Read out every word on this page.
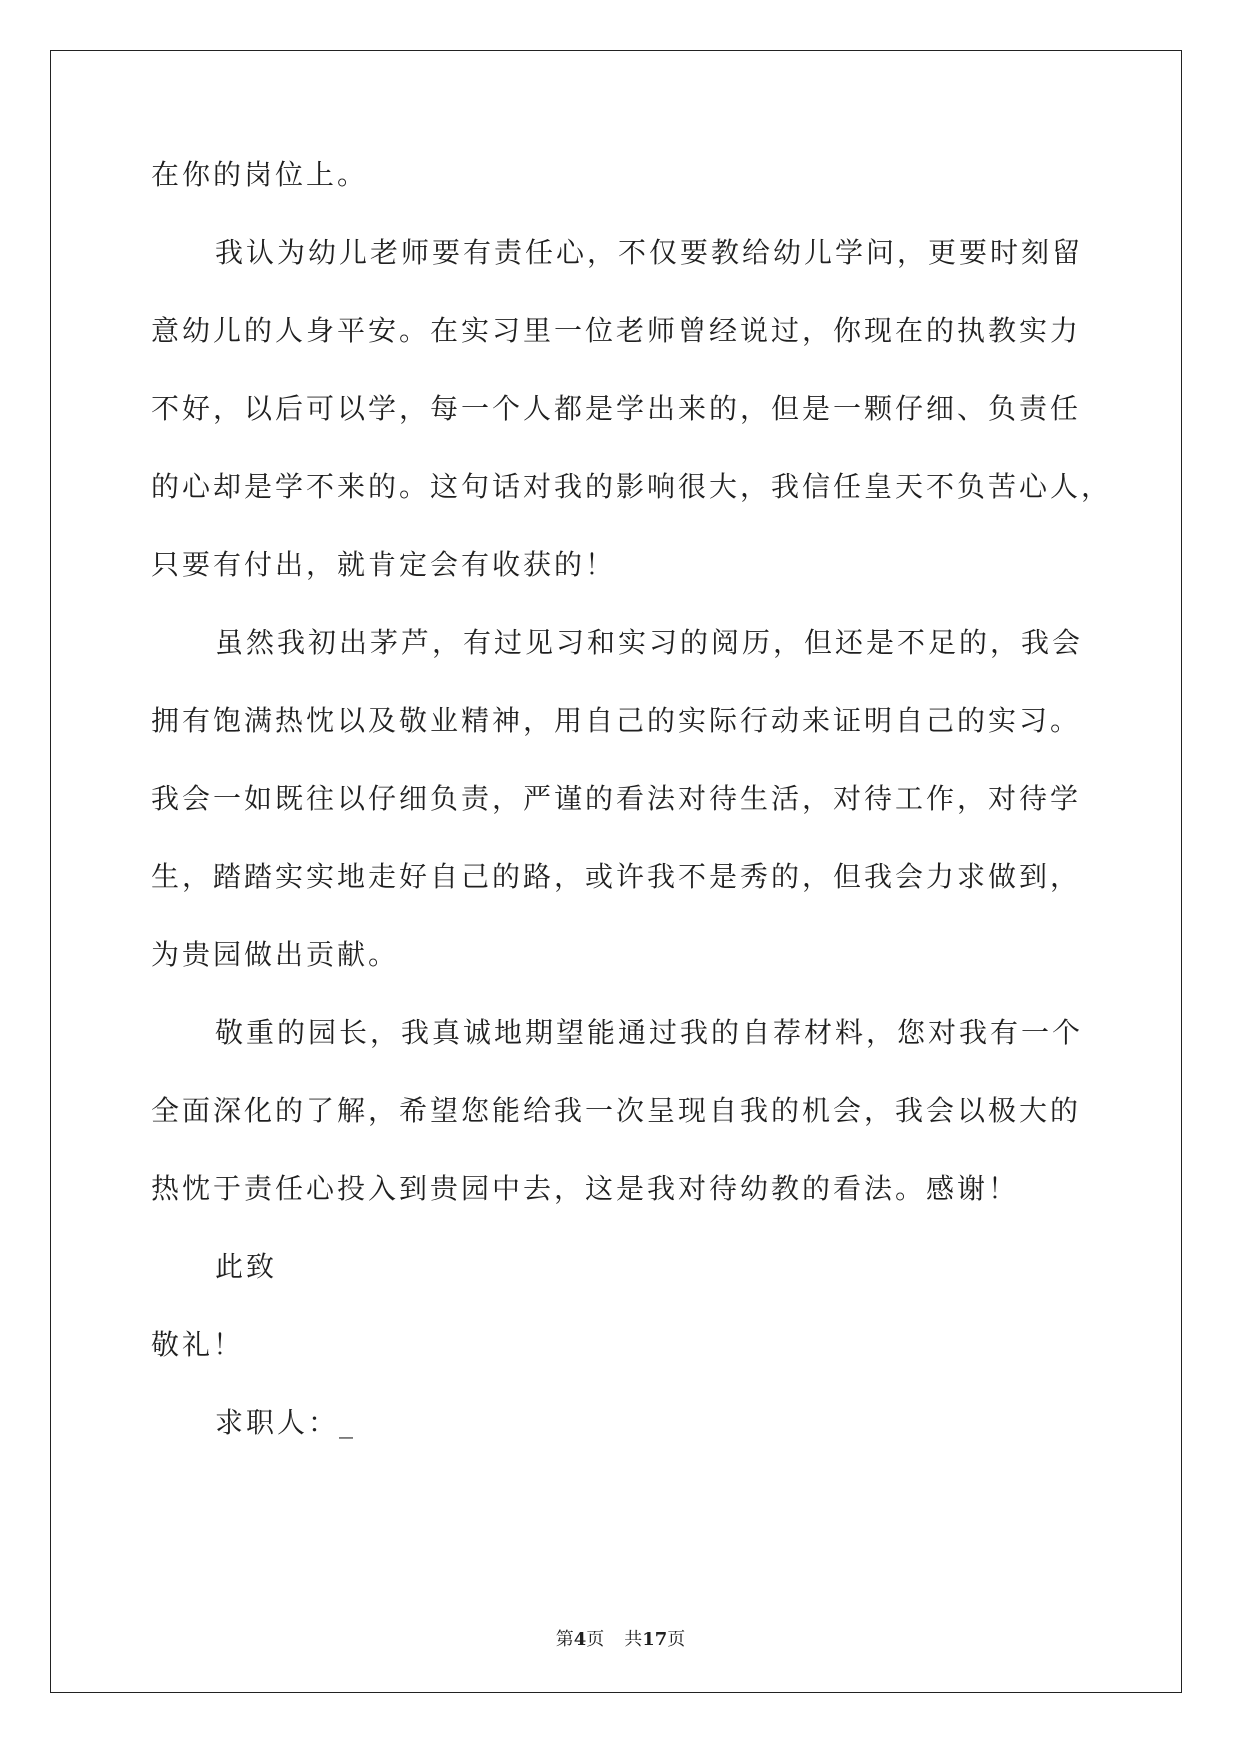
在你的岗位上。
我认为幼儿老师要有责任心，不仅要教给幼儿学问，更要时刻留
意幼儿的人身平安。在实习里一位老师曾经说过，你现在的执教实力
不好，以后可以学，每一个人都是学出来的，但是一颗仔细、负责任
的心却是学不来的。这句话对我的影响很大，我信任皇天不负苦心人，
只要有付出，就肯定会有收获的！
虽然我初出茅芦，有过见习和实习的阅历，但还是不足的，我会
拥有饱满热忱以及敬业精神，用自己的实际行动来证明自己的实习。
我会一如既往以仔细负责，严谨的看法对待生活，对待工作，对待学
生，踏踏实实地走好自己的路，或许我不是秀的，但我会力求做到，
为贵园做出贡献。
敬重的园长，我真诚地期望能通过我的自荐材料，您对我有一个
全面深化的了解，希望您能给我一次呈现自我的机会，我会以极大的
热忱于责任心投入到贵园中去，这是我对待幼教的看法。感谢！
此致
敬礼！
求职人：_
第4页 共17页
